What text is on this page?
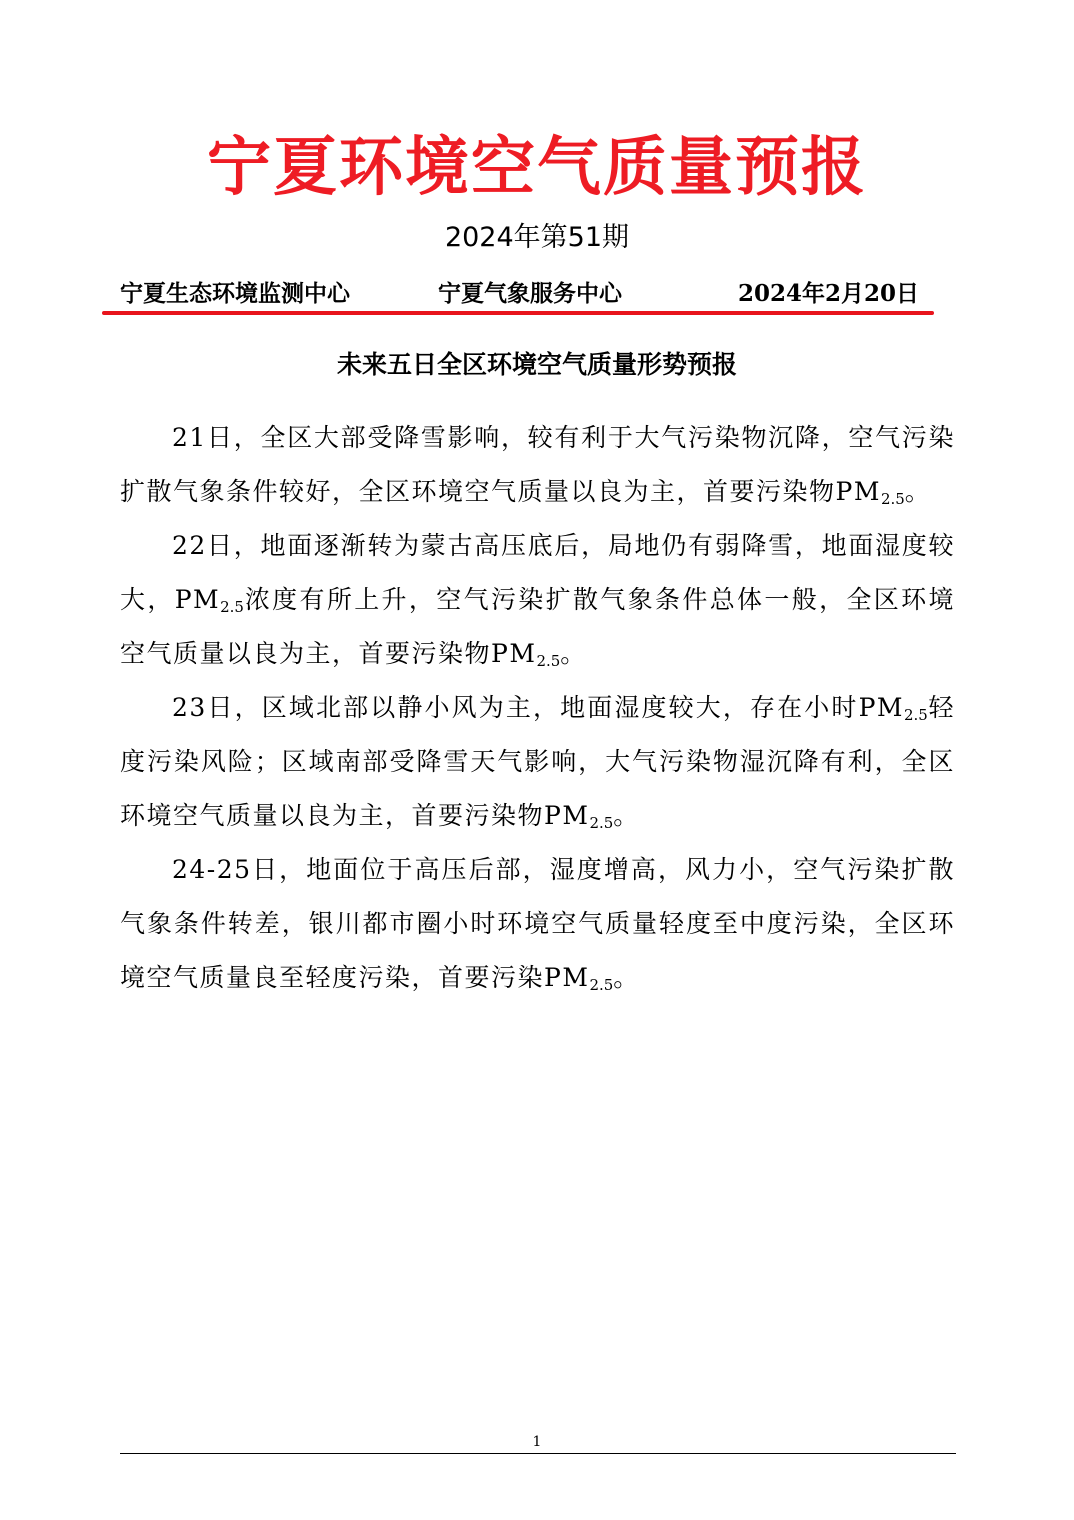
宁夏环境空气质量预报
2024年第51期
宁夏生态环境监测中心	宁夏气象服务中心	2024年2月20日
未来五日全区环境空气质量形势预报

21日，全区大部受降雪影响，较有利于大气污染物沉降，空气污染扩散气象条件较好，全区环境空气质量以良为主，首要污染物$PM_{2.5}$。

22日，地面逐渐转为蒙古高压底后，局地仍有弱降雪，地面湿度较大，$PM_{2.5}$浓度有所上升，空气污染扩散气象条件总体一般，全区环境空气质量以良为主，首要污染物$PM_{2.5}$。

23日，区域北部以静小风为主，地面湿度较大，存在小时$PM_{2.5}$轻度污染风险；区域南部受降雪天气影响，大气污染物湿沉降有利，全区环境空气质量以良为主，首要污染物$PM_{2.5}$。

24-25日，地面位于高压后部，湿度增高，风力小，空气污染扩散气象条件转差，银川都市圈小时环境空气质量轻度至中度污染，全区环境空气质量良至轻度污染，首要污染$PM_{2.5}$。

1
